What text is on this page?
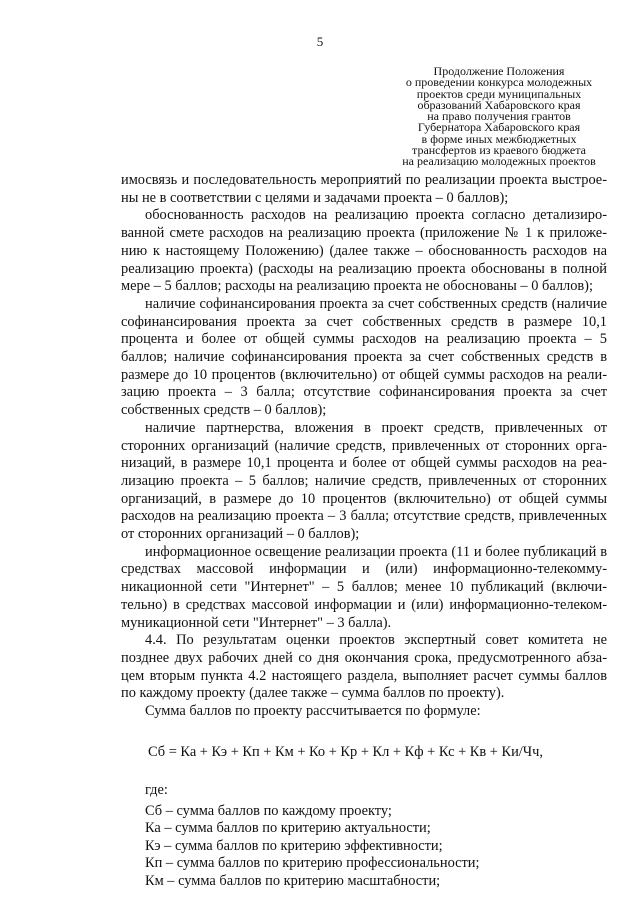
5
Продолжение Положения
о проведении конкурса молодежных
проектов среди муниципальных
образований Хабаровского края
на право получения грантов
Губернатора Хабаровского края
в форме иных межбюджетных
трансфертов из краевого бюджета
на реализацию молодежных проектов

имосвязь и последовательность мероприятий по реализации проекта выстроены не в соответствии с целями и задачами проекта – 0 баллов);

обоснованность расходов на реализацию проекта согласно детализированной смете расходов на реализацию проекта (приложение № 1 к приложению к настоящему Положению) (далее также – обоснованность расходов на реализацию проекта) (расходы на реализацию проекта обоснованы в полной мере – 5 баллов; расходы на реализацию проекта не обоснованы – 0 баллов);

наличие софинансирования проекта за счет собственных средств (наличие софинансирования проекта за счет собственных средств в размере 10,1 процента и более от общей суммы расходов на реализацию проекта – 5 баллов; наличие софинансирования проекта за счет собственных средств в размере до 10 процентов (включительно) от общей суммы расходов на реализацию проекта – 3 балла; отсутствие софинансирования проекта за счет собственных средств – 0 баллов);

наличие партнерства, вложения в проект средств, привлеченных от сторонних организаций (наличие средств, привлеченных от сторонних организаций, в размере 10,1 процента и более от общей суммы расходов на реализацию проекта – 5 баллов; наличие средств, привлеченных от сторонних организаций, в размере до 10 процентов (включительно) от общей суммы расходов на реализацию проекта – 3 балла; отсутствие средств, привлеченных от сторонних организаций – 0 баллов);

информационное освещение реализации проекта (11 и более публикаций в средствах массовой информации и (или) информационно-телекоммуникационной сети "Интернет" – 5 баллов; менее 10 публикаций (включительно) в средствах массовой информации и (или) информационно-телекоммуникационной сети "Интернет" – 3 балла).

4.4. По результатам оценки проектов экспертный совет комитета не позднее двух рабочих дней со дня окончания срока, предусмотренного абзацем вторым пункта 4.2 настоящего раздела, выполняет расчет суммы баллов по каждому проекту (далее также – сумма баллов по проекту).

Сумма баллов по проекту рассчитывается по формуле:

Сб = Ка + Кэ + Кп + Км + Ко + Кр + Кл + Кф + Кс + Кв + Ки/Чч,
где:
Сб – сумма баллов по каждому проекту;
Ка – сумма баллов по критерию актуальности;
Кэ – сумма баллов по критерию эффективности;
Кп – сумма баллов по критерию профессиональности;
Км – сумма баллов по критерию масштабности;
